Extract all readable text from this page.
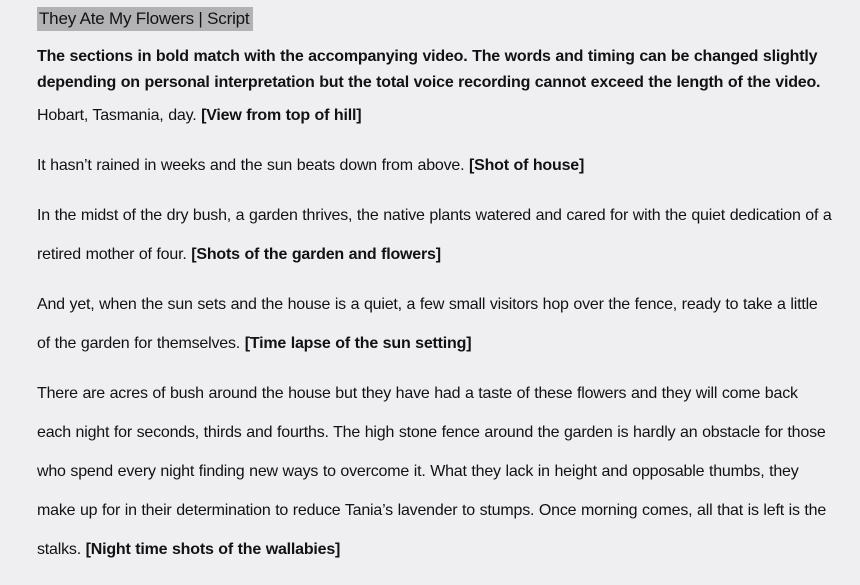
They Ate My Flowers | Script

The sections in bold match with the accompanying video. The words and timing can be changed slightly depending on personal interpretation but the total voice recording cannot exceed the length of the video.

Hobart, Tasmania, day. [View from top of hill]

It hasn’t rained in weeks and the sun beats down from above. [Shot of house]

In the midst of the dry bush, a garden thrives, the native plants watered and cared for with the quiet dedication of a retired mother of four. [Shots of the garden and flowers]

And yet, when the sun sets and the house is a quiet, a few small visitors hop over the fence, ready to take a little of the garden for themselves. [Time lapse of the sun setting]

There are acres of bush around the house but they have had a taste of these flowers and they will come back each night for seconds, thirds and fourths. The high stone fence around the garden is hardly an obstacle for those who spend every night finding new ways to overcome it. What they lack in height and opposable thumbs, they make up for in their determination to reduce Tania’s lavender to stumps. Once morning comes, all that is left is the stalks. [Night time shots of the wallabies]
